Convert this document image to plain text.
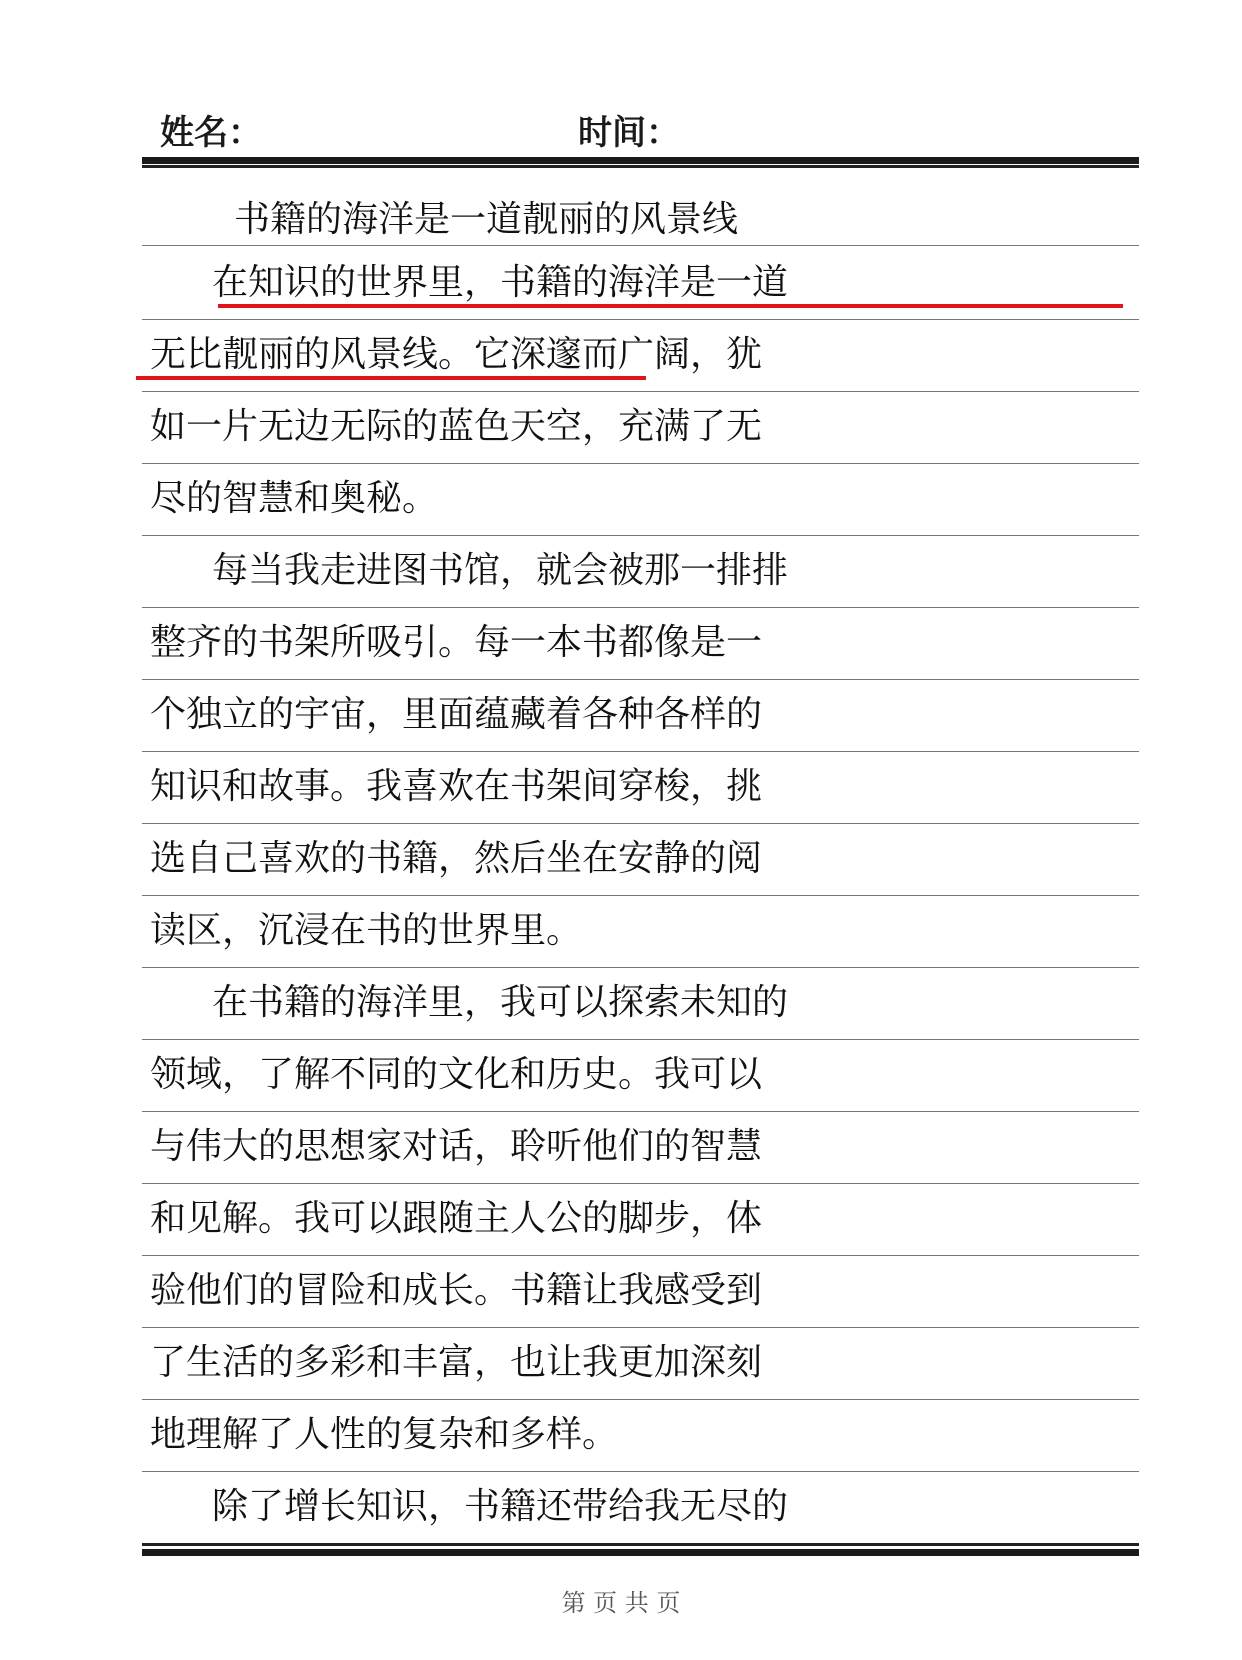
姓名：	时间：
书籍的海洋是一道靓丽的风景线
在知识的世界里，书籍的海洋是一道
无比靓丽的风景线。它深邃而广阔，犹
如一片无边无际的蓝色天空，充满了无
尽的智慧和奥秘。
每当我走进图书馆，就会被那一排排
整齐的书架所吸引。每一本书都像是一
个独立的宇宙，里面蕴藏着各种各样的
知识和故事。我喜欢在书架间穿梭，挑
选自己喜欢的书籍，然后坐在安静的阅
读区，沉浸在书的世界里。
在书籍的海洋里，我可以探索未知的
领域，了解不同的文化和历史。我可以
与伟大的思想家对话，聆听他们的智慧
和见解。我可以跟随主人公的脚步，体
验他们的冒险和成长。书籍让我感受到
了生活的多彩和丰富，也让我更加深刻
地理解了人性的复杂和多样。
除了增长知识，书籍还带给我无尽的
第 页 共 页
